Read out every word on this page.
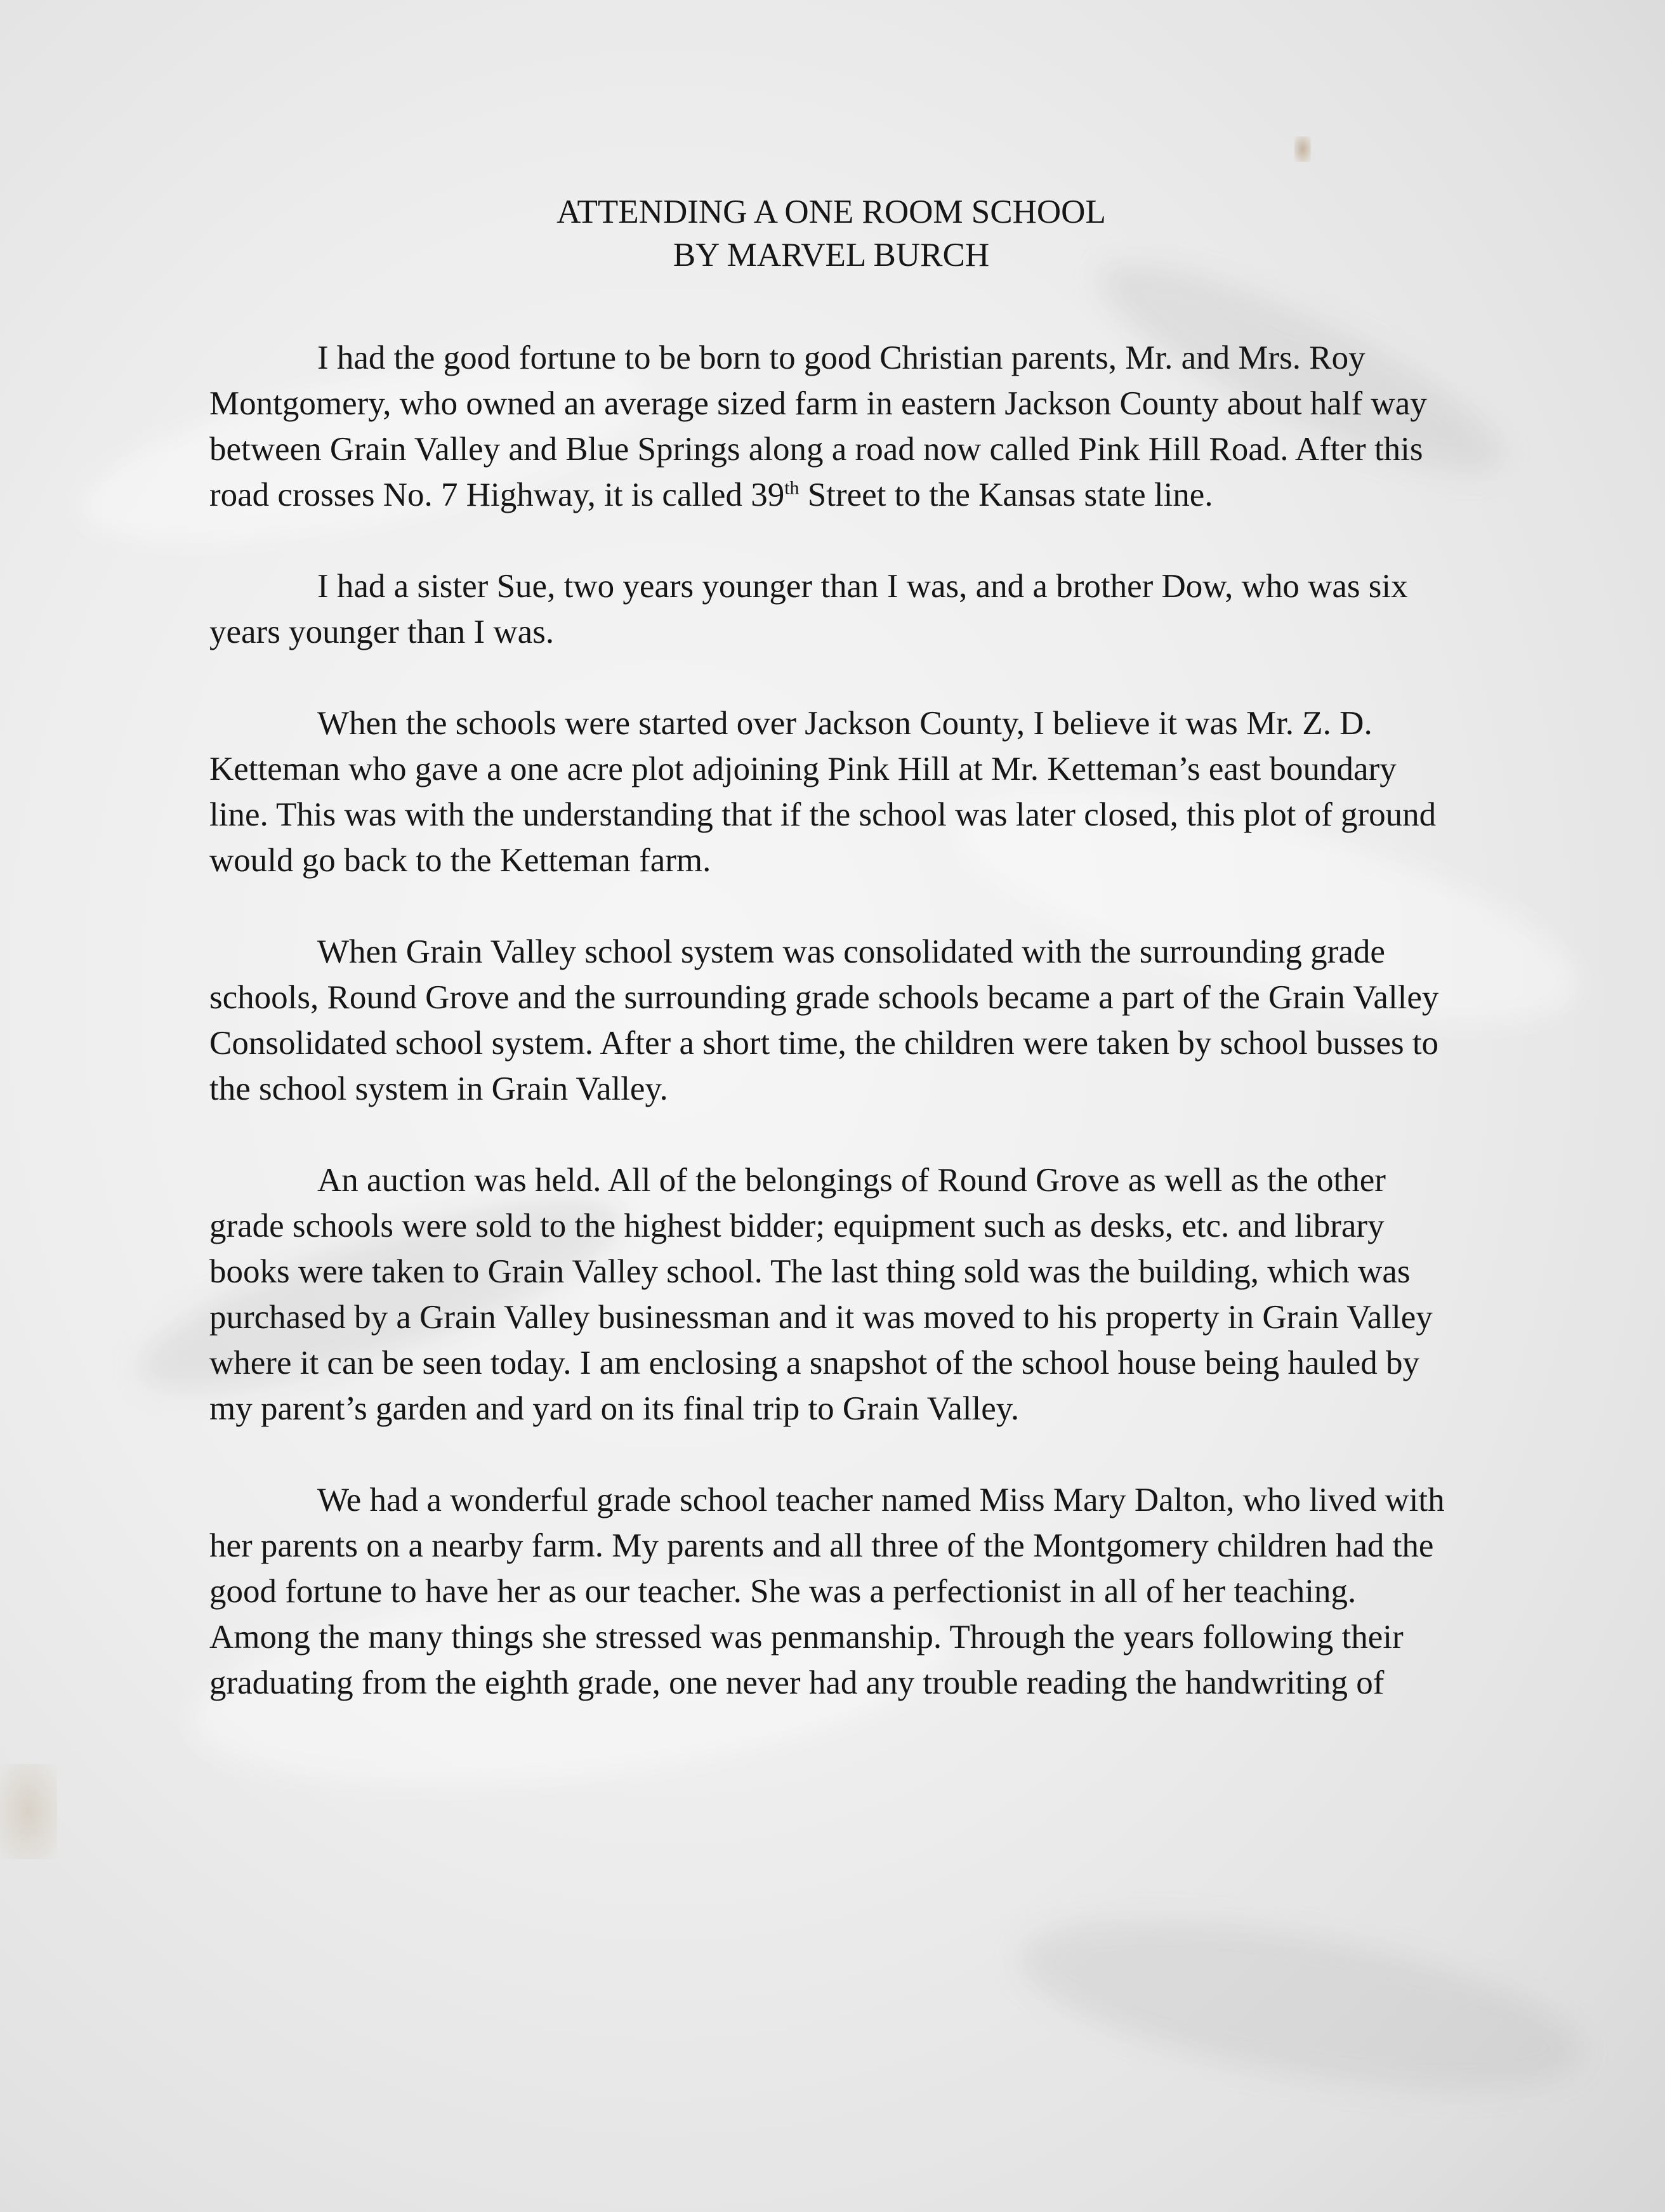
ATTENDING A ONE ROOM SCHOOL
BY MARVEL BURCH

I had the good fortune to be born to good Christian parents, Mr. and Mrs. Roy Montgomery, who owned an average sized farm in eastern Jackson County about half way between Grain Valley and Blue Springs along a road now called Pink Hill Road. After this road crosses No. 7 Highway, it is called 39th Street to the Kansas state line.

I had a sister Sue, two years younger than I was, and a brother Dow, who was six years younger than I was.

When the schools were started over Jackson County, I believe it was Mr. Z. D. Ketteman who gave a one acre plot adjoining Pink Hill at Mr. Ketteman’s east boundary line. This was with the understanding that if the school was later closed, this plot of ground would go back to the Ketteman farm.

When Grain Valley school system was consolidated with the surrounding grade schools, Round Grove and the surrounding grade schools became a part of the Grain Valley Consolidated school system. After a short time, the children were taken by school busses to the school system in Grain Valley.

An auction was held. All of the belongings of Round Grove as well as the other grade schools were sold to the highest bidder; equipment such as desks, etc. and library books were taken to Grain Valley school. The last thing sold was the building, which was purchased by a Grain Valley businessman and it was moved to his property in Grain Valley where it can be seen today. I am enclosing a snapshot of the school house being hauled by my parent’s garden and yard on its final trip to Grain Valley.

We had a wonderful grade school teacher named Miss Mary Dalton, who lived with her parents on a nearby farm. My parents and all three of the Montgomery children had the good fortune to have her as our teacher. She was a perfectionist in all of her teaching. Among the many things she stressed was penmanship. Through the years following their graduating from the eighth grade, one never had any trouble reading the handwriting of
